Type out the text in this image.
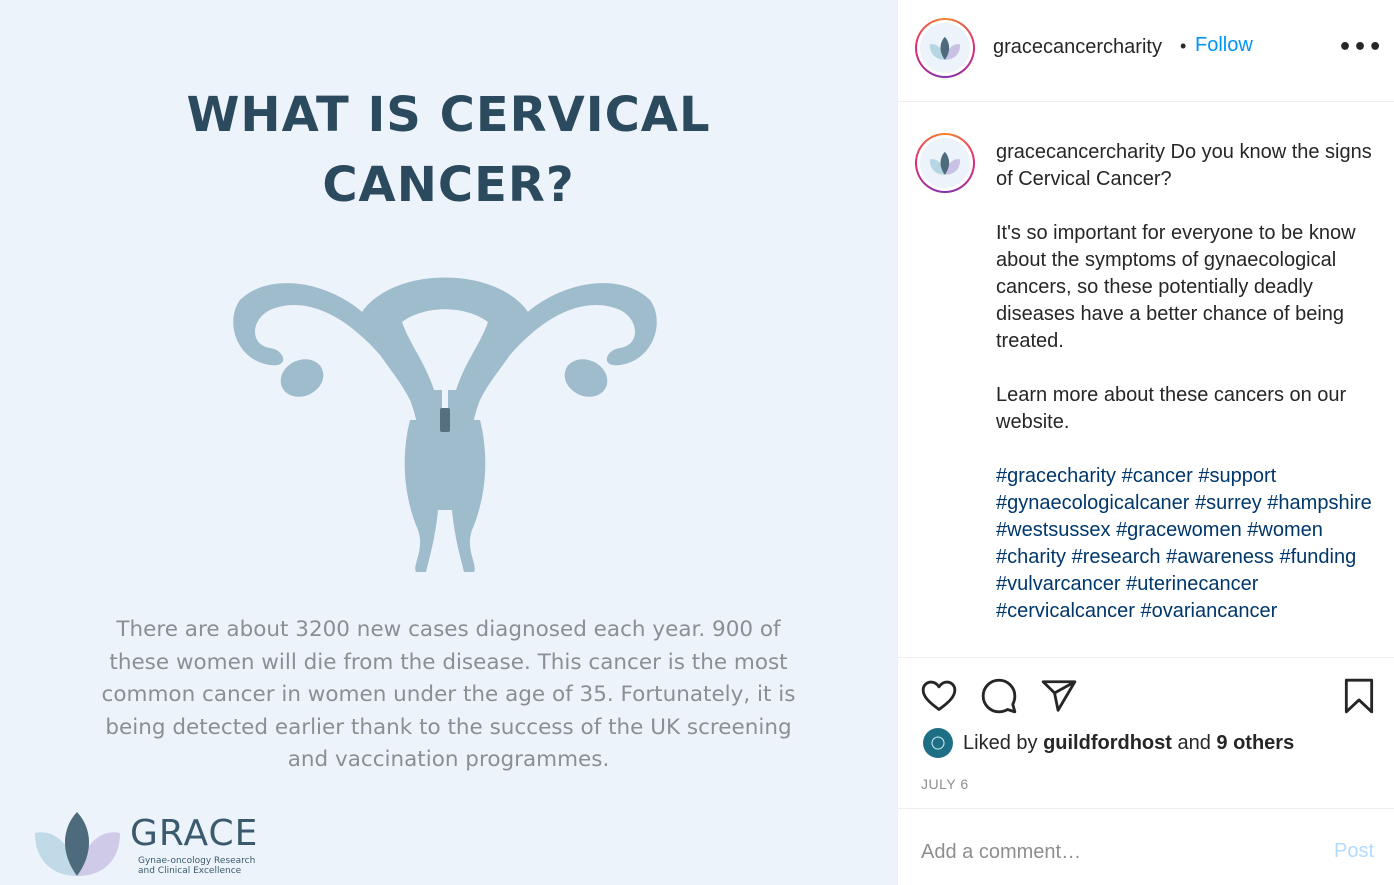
WHAT IS CERVICAL
CANCER?
There are about 3200 new cases diagnosed each year. 900 of these women will die from the disease. This cancer is the most common cancer in women under the age of 35. Fortunately, it is being detected earlier thank to the success of the UK screening and vaccination programmes.
GRACE
Gynae-oncology Research
and Clinical Excellence
gracecancercharity • Follow	•••
gracecancercharity Do you know the signs of Cervical Cancer?

It's so important for everyone to be know about the symptoms of gynaecological cancers, so these potentially deadly diseases have a better chance of being treated.

Learn more about these cancers on our website.

#gracecharity #cancer #support #gynaecologicalcaner #surrey #hampshire #westsussex #gracewomen #women #charity #research #awareness #funding #vulvarcancer #uterinecancer #cervicalcancer #ovariancancer
Liked by guildfordhost and 9 others
JULY 6
Add a comment…
Post
